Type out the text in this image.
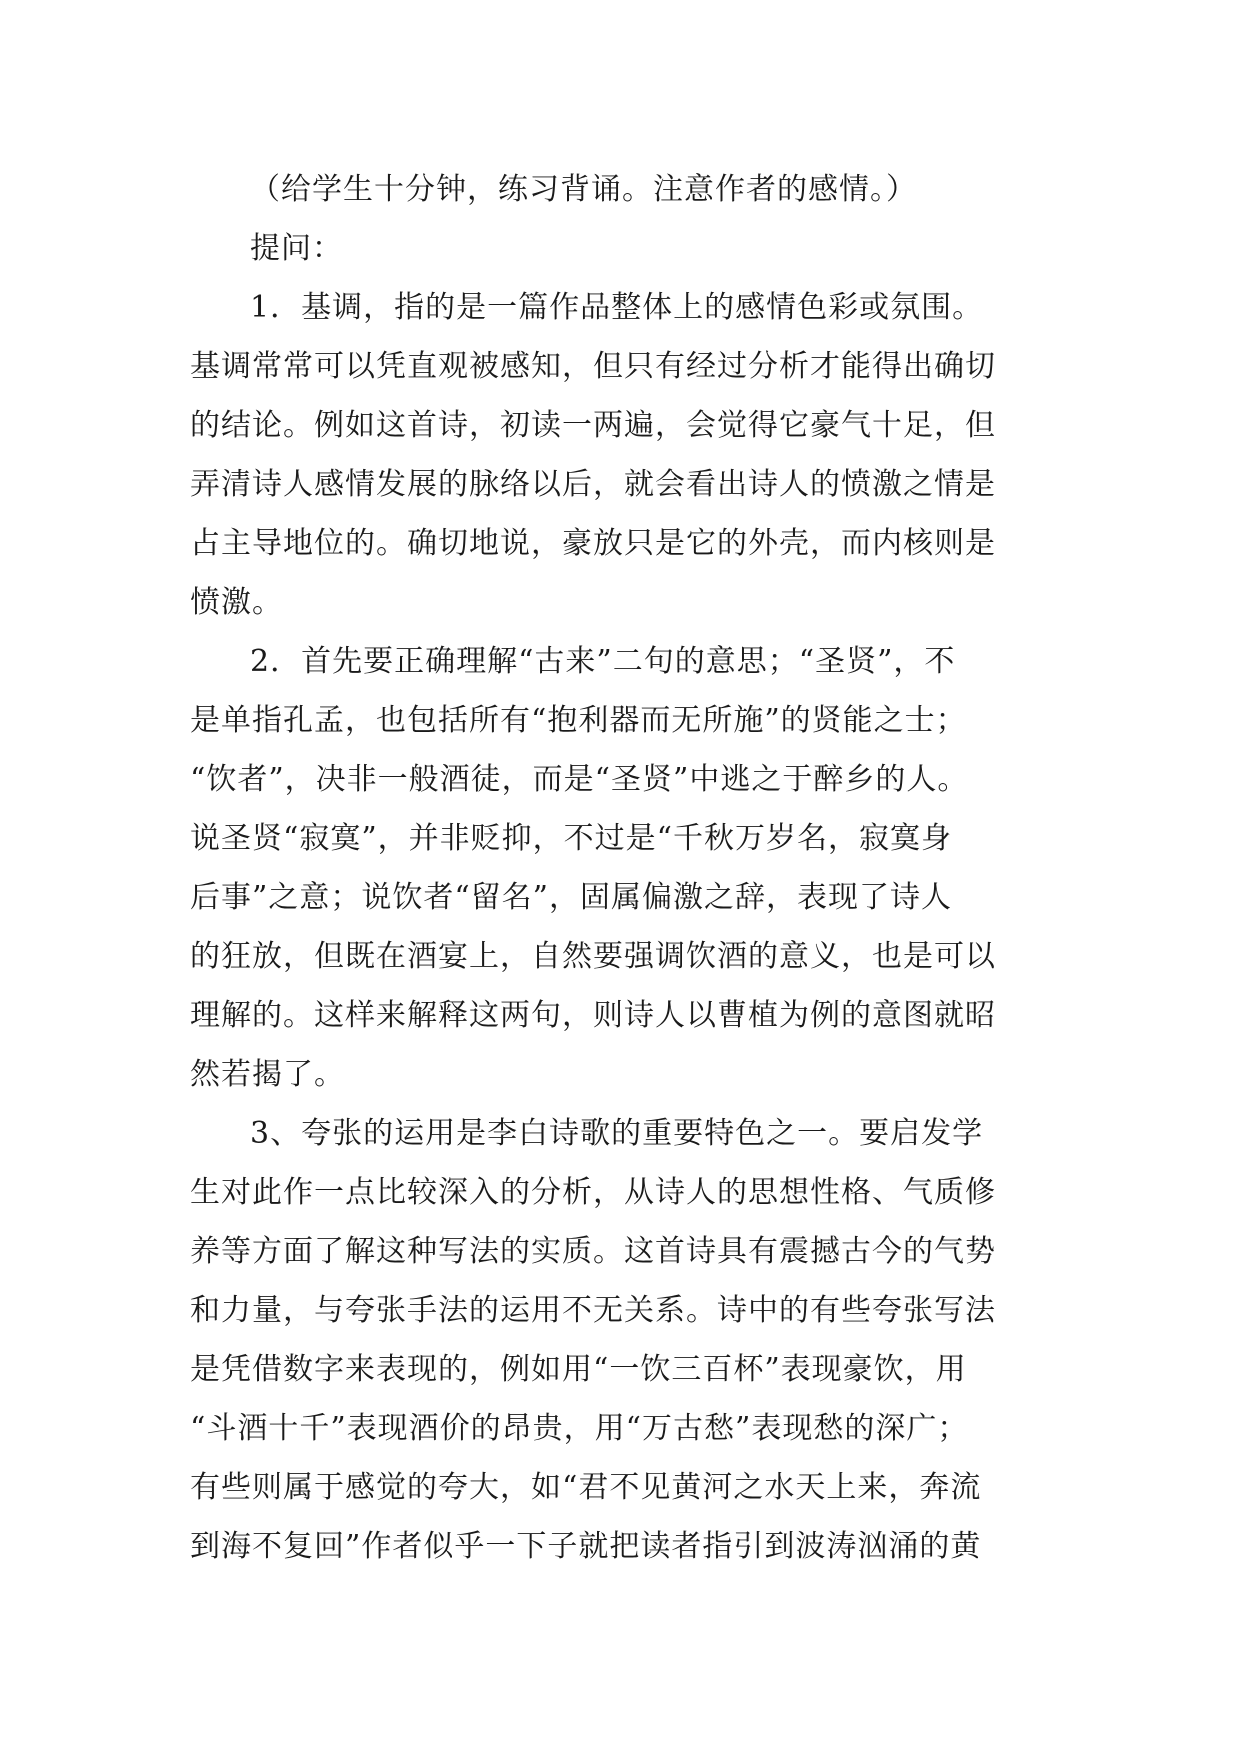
（给学生十分钟，练习背诵。注意作者的感情。）
提问：
1．基调，指的是一篇作品整体上的感情色彩或氛围。
基调常常可以凭直观被感知，但只有经过分析才能得出确切
的结论。例如这首诗，初读一两遍，会觉得它豪气十足，但
弄清诗人感情发展的脉络以后，就会看出诗人的愤激之情是
占主导地位的。确切地说，豪放只是它的外壳，而内核则是
愤激。
2．首先要正确理解“古来”二句的意思；“圣贤”，不
是单指孔孟，也包括所有“抱利器而无所施”的贤能之士；
“饮者”，决非一般酒徒，而是“圣贤”中逃之于醉乡的人。
说圣贤“寂寞”，并非贬抑，不过是“千秋万岁名，寂寞身
后事”之意；说饮者“留名”，固属偏激之辞，表现了诗人
的狂放，但既在酒宴上，自然要强调饮酒的意义，也是可以
理解的。这样来解释这两句，则诗人以曹植为例的意图就昭
然若揭了。
3、夸张的运用是李白诗歌的重要特色之一。要启发学
生对此作一点比较深入的分析，从诗人的思想性格、气质修
养等方面了解这种写法的实质。这首诗具有震撼古今的气势
和力量，与夸张手法的运用不无关系。诗中的有些夸张写法
是凭借数字来表现的，例如用“一饮三百杯”表现豪饮，用
“斗酒十千”表现酒价的昂贵，用“万古愁”表现愁的深广；
有些则属于感觉的夸大，如“君不见黄河之水天上来，奔流
到海不复回”作者似乎一下子就把读者指引到波涛汹涌的黄
